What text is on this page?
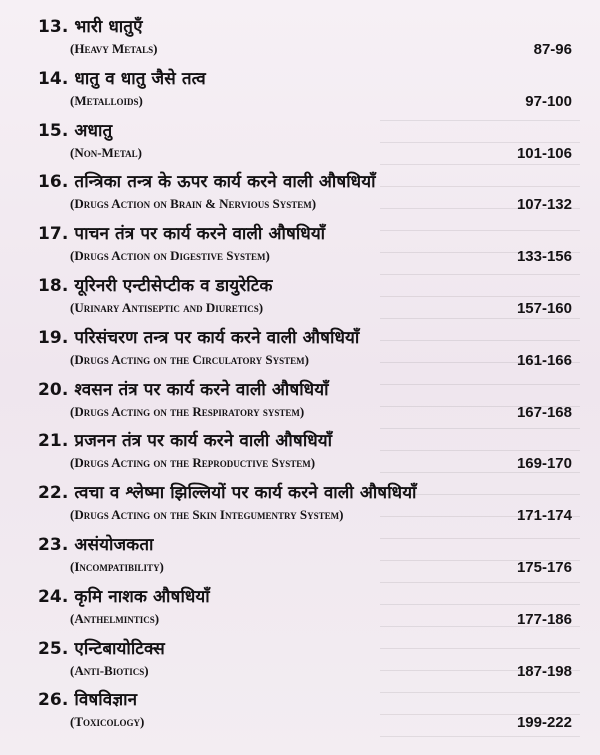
13. भारी धातुएँ
(Heavy Metals)	87-96
14. धातु व धातु जैसे तत्व
(Metalloids)	97-100
15. अधातु
(Non-Metal)	101-106
16. तन्त्रिका तन्त्र के ऊपर कार्य करने वाली औषधियाँ
(Drugs Action on Brain & Nervious System)	107-132
17. पाचन तंत्र पर कार्य करने वाली औषधियाँ
(Drugs Action on Digestive System)	133-156
18. यूरिनरी एन्टीसेप्टीक व डायुरेटिक
(Urinary Antiseptic and Diuretics)	157-160
19. परिसंचरण तन्त्र पर कार्य करने वाली औषधियाँ
(Drugs Acting on the Circulatory System)	161-166
20. श्वसन तंत्र पर कार्य करने वाली औषधियाँ
(Drugs Acting on the Respiratory system)	167-168
21. प्रजनन तंत्र पर कार्य करने वाली औषधियाँ
(Drugs Acting on the Reproductive System)	169-170
22. त्वचा व श्लेष्मा झिल्लियों पर कार्य करने वाली औषधियाँ
(Drugs Acting on the Skin Integumentry System)	171-174
23. असंयोजकता
(Incompatibility)	175-176
24. कृमि नाशक औषधियाँ
(Anthelmintics)	177-186
25. एन्टिबायोटिक्स
(Anti-Biotics)	187-198
26. विषविज्ञान
(Toxicology)	199-222
